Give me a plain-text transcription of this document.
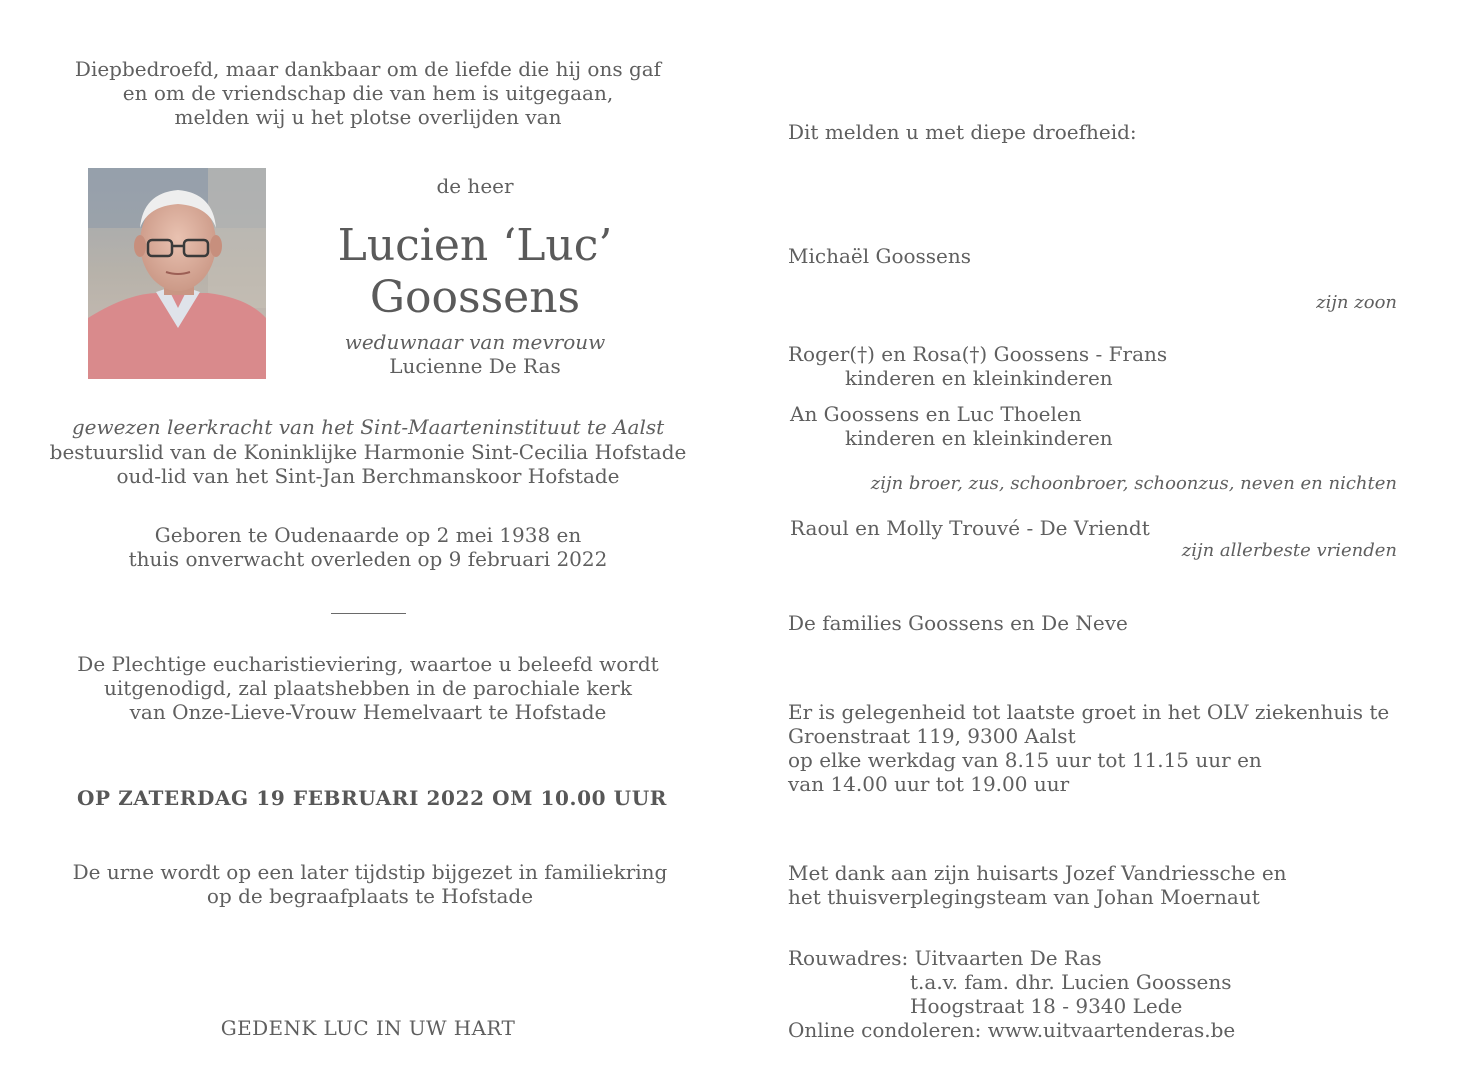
Diepbedroefd, maar dankbaar om de liefde die hij ons gaf
en om de vriendschap die van hem is uitgegaan,
melden wij u het plotse overlijden van
de heer
Lucien ‘Luc’
Goossens
weduwnaar van mevrouw
Lucienne De Ras
gewezen leerkracht van het Sint-Maarteninstituut te Aalst
bestuurslid van de Koninklijke Harmonie Sint-Cecilia Hofstade
oud-lid van het Sint-Jan Berchmanskoor Hofstade
Geboren te Oudenaarde op 2 mei 1938 en
thuis onverwacht overleden op 9 februari 2022
De Plechtige eucharistieviering, waartoe u beleefd wordt
uitgenodigd, zal plaatshebben in de parochiale kerk
van Onze-Lieve-Vrouw Hemelvaart te Hofstade
OP ZATERDAG 19 FEBRUARI 2022 OM 10.00 UUR
De urne wordt op een later tijdstip bijgezet in familiekring
op de begraafplaats te Hofstade
GEDENK LUC IN UW HART
Dit melden u met diepe droefheid:
Michaël Goossens
zijn zoon
Roger(†) en Rosa(†) Goossens - Frans
kinderen en kleinkinderen
An Goossens en Luc Thoelen
kinderen en kleinkinderen
zijn broer, zus, schoonbroer, schoonzus, neven en nichten
Raoul en Molly Trouvé - De Vriendt
zijn allerbeste vrienden
De families Goossens en De Neve
Er is gelegenheid tot laatste groet in het OLV ziekenhuis te
Groenstraat 119, 9300 Aalst
op elke werkdag van 8.15 uur tot 11.15 uur en
van 14.00 uur tot 19.00 uur
Met dank aan zijn huisarts Jozef Vandriessche en
het thuisverplegingsteam van Johan Moernaut
Rouwadres: Uitvaarten De Ras
t.a.v. fam. dhr. Lucien Goossens
Hoogstraat 18 - 9340 Lede
Online condoleren: www.uitvaartenderas.be
